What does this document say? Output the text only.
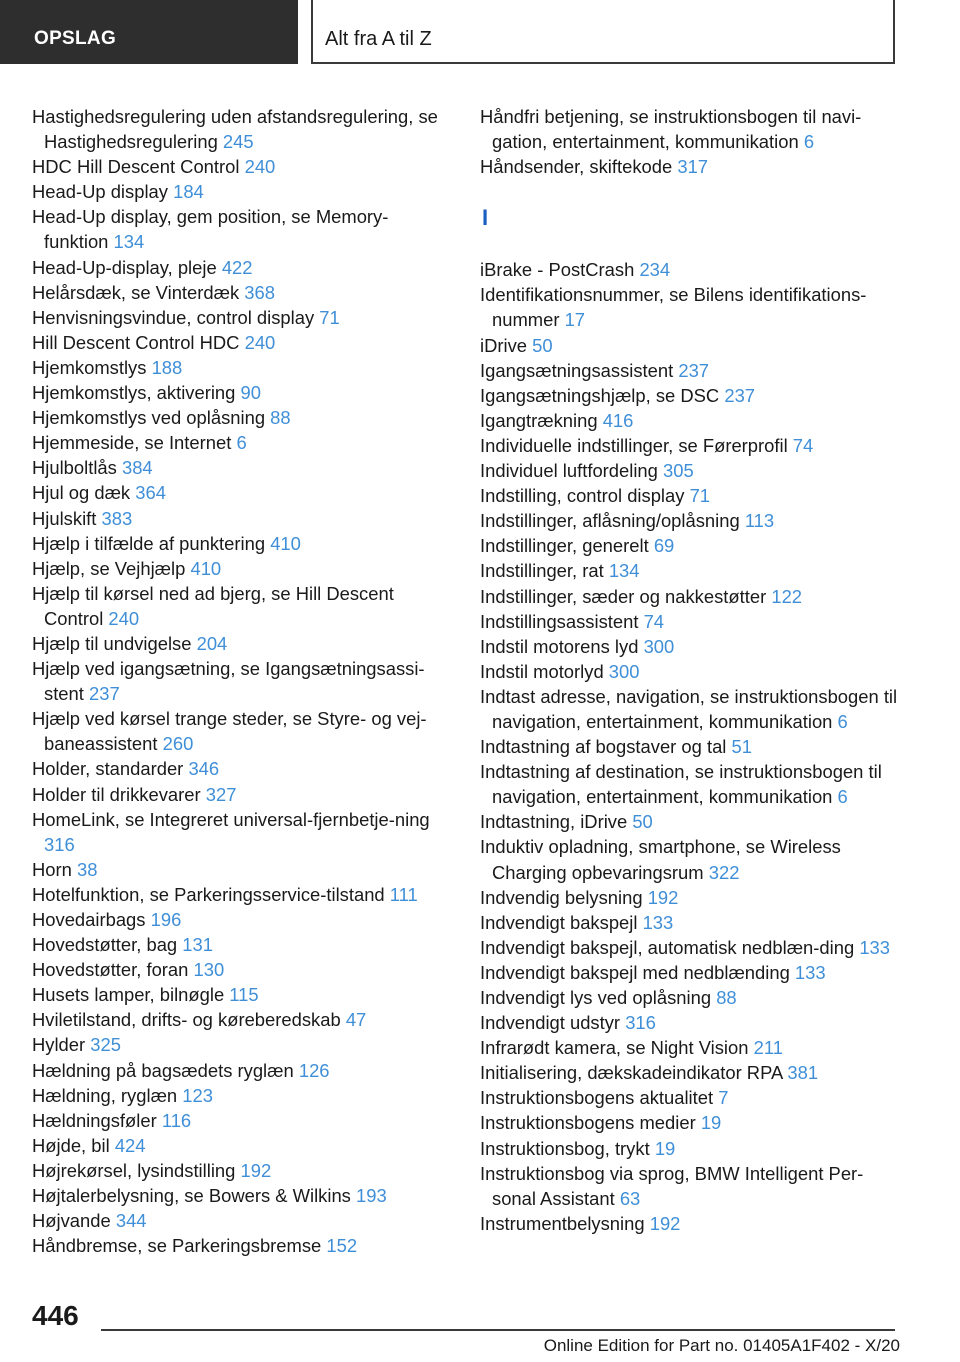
OPSLAG	Alt fra A til Z
Hastighedsregulering uden afstandsregulering, se Hastighedsregulering 245
HDC Hill Descent Control 240
Head-Up display 184
Head-Up display, gem position, se Memory-funktion 134
Head-Up-display, pleje 422
Helårsdæk, se Vinterdæk 368
Henvisningsvindue, control display 71
Hill Descent Control HDC 240
Hjemkomstlys 188
Hjemkomstlys, aktivering 90
Hjemkomstlys ved oplåsning 88
Hjemmeside, se Internet 6
Hjulboltlås 384
Hjul og dæk 364
Hjulskift 383
Hjælp i tilfælde af punktering 410
Hjælp, se Vejhjælp 410
Hjælp til kørsel ned ad bjerg, se Hill Descent Control 240
Hjælp til undvigelse 204
Hjælp ved igangsætning, se Igangsætningsassi-stent 237
Hjælp ved kørsel trange steder, se Styre- og vej-baneassistent 260
Holder, standarder 346
Holder til drikkevarer 327
HomeLink, se Integreret universal-fjernbetje-ning 316
Horn 38
Hotelfunktion, se Parkeringsservice-tilstand 111
Hovedairbags 196
Hovedstøtter, bag 131
Hovedstøtter, foran 130
Husets lamper, bilnøgle 115
Hviletilstand, drifts- og køreberedskab 47
Hylder 325
Hældning på bagsædets ryglæn 126
Hældning, ryglæn 123
Hældningsføler 116
Højde, bil 424
Højrekørsel, lysindstilling 192
Højtalerbelysning, se Bowers & Wilkins 193
Højvande 344
Håndbremse, se Parkeringsbremse 152
Håndfri betjening, se instruktionsbogen til navi-gation, entertainment, kommunikation 6
Håndsender, skiftekode 317
I
iBrake - PostCrash 234
Identifikationsnummer, se Bilens identifikations-nummer 17
iDrive 50
Igangsætningsassistent 237
Igangsætningshjælp, se DSC 237
Igangtrækning 416
Individuelle indstillinger, se Førerprofil 74
Individuel luftfordeling 305
Indstilling, control display 71
Indstillinger, aflåsning/oplåsning 113
Indstillinger, generelt 69
Indstillinger, rat 134
Indstillinger, sæder og nakkestøtter 122
Indstillingsassistent 74
Indstil motorens lyd 300
Indstil motorlyd 300
Indtast adresse, navigation, se instruktionsbogen til navigation, entertainment, kommunikation 6
Indtastning af bogstaver og tal 51
Indtastning af destination, se instruktionsbogen til navigation, entertainment, kommunikation 6
Indtastning, iDrive 50
Induktiv opladning, smartphone, se Wireless Charging opbevaringsrum 322
Indvendig belysning 192
Indvendigt bakspejl 133
Indvendigt bakspejl, automatisk nedblæn-ding 133
Indvendigt bakspejl med nedblænding 133
Indvendigt lys ved oplåsning 88
Indvendigt udstyr 316
Infrarødt kamera, se Night Vision 211
Initialisering, dækskadeindikator RPA 381
Instruktionsbogens aktualitet 7
Instruktionsbogens medier 19
Instruktionsbog, trykt 19
Instruktionsbog via sprog, BMW Intelligent Per-sonal Assistant 63
Instrumentbelysning 192
446
Online Edition for Part no. 01405A1F402 - X/20
